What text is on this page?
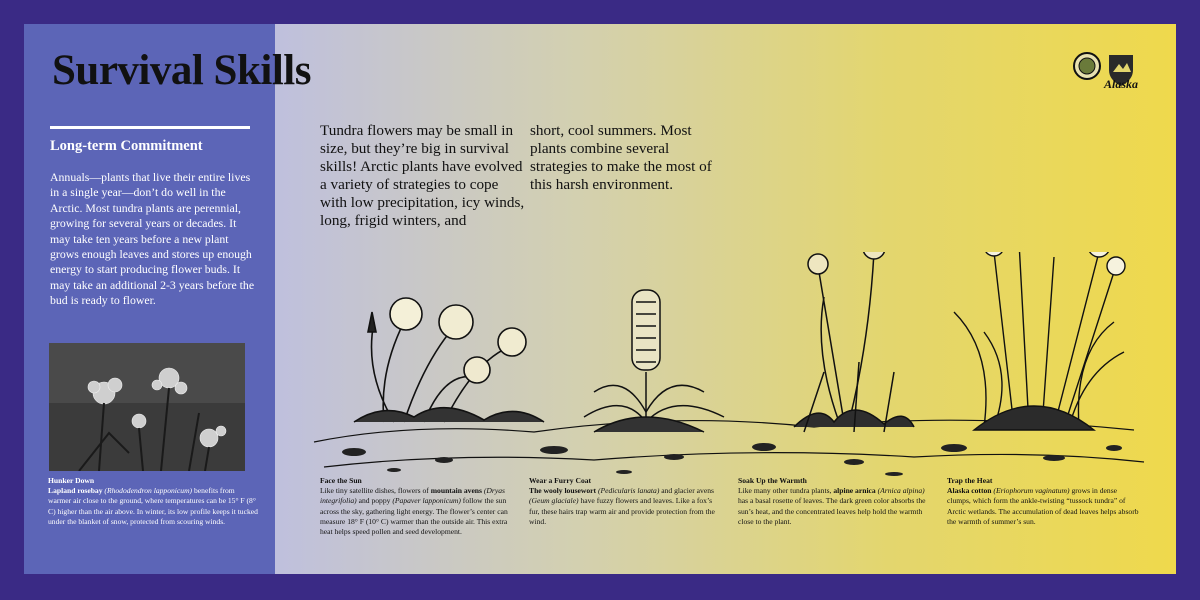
Survival Skills
Long-term Commitment
Annuals—plants that live their entire lives in a single year—don’t do well in the Arctic. Most tundra plants are perennial, growing for several years or decades. It may take ten years before a new plant grows enough leaves and stores up enough energy to start producing flower buds. It may take an additional 2-3 years before the bud is ready to flower.
Hunker Down
Lapland rosebay (Rhododendron lapponicum) benefits from warmer air close to the ground, where temperatures can be 15° F (8° C) higher than the air above. In winter, its low profile keeps it tucked under the blanket of snow, protected from scouring winds.
Tundra flowers may be small in size, but they’re big in survival skills! Arctic plants have evolved a variety of strategies to cope with low precipitation, icy winds, long, frigid winters, and
short, cool summers. Most plants combine several strategies to make the most of this harsh environment.
Alaska
Face the Sun
Like tiny satellite dishes, flowers of mountain avens (Dryas integrifolia) and poppy (Papaver lapponicum) follow the sun across the sky, gathering light energy. The flower’s center can measure 18° F (10° C) warmer than the outside air. This extra heat helps speed pollen and seed development.
Wear a Furry Coat
The wooly lousewort (Pedicularis lanata) and glacier avens (Geum glaciale) have fuzzy flowers and leaves. Like a fox’s fur, these hairs trap warm air and provide protection from the wind.
Soak Up the Warmth
Like many other tundra plants, alpine arnica (Arnica alpina) has a basal rosette of leaves. The dark green color absorbs the sun’s heat, and the concentrated leaves help hold the warmth close to the plant.
Trap the Heat
Alaska cotton (Eriophorum vaginatum) grows in dense clumps, which form the ankle-twisting “tussock tundra” of Arctic wetlands. The accumulation of dead leaves helps absorb the warmth of summer’s sun.
